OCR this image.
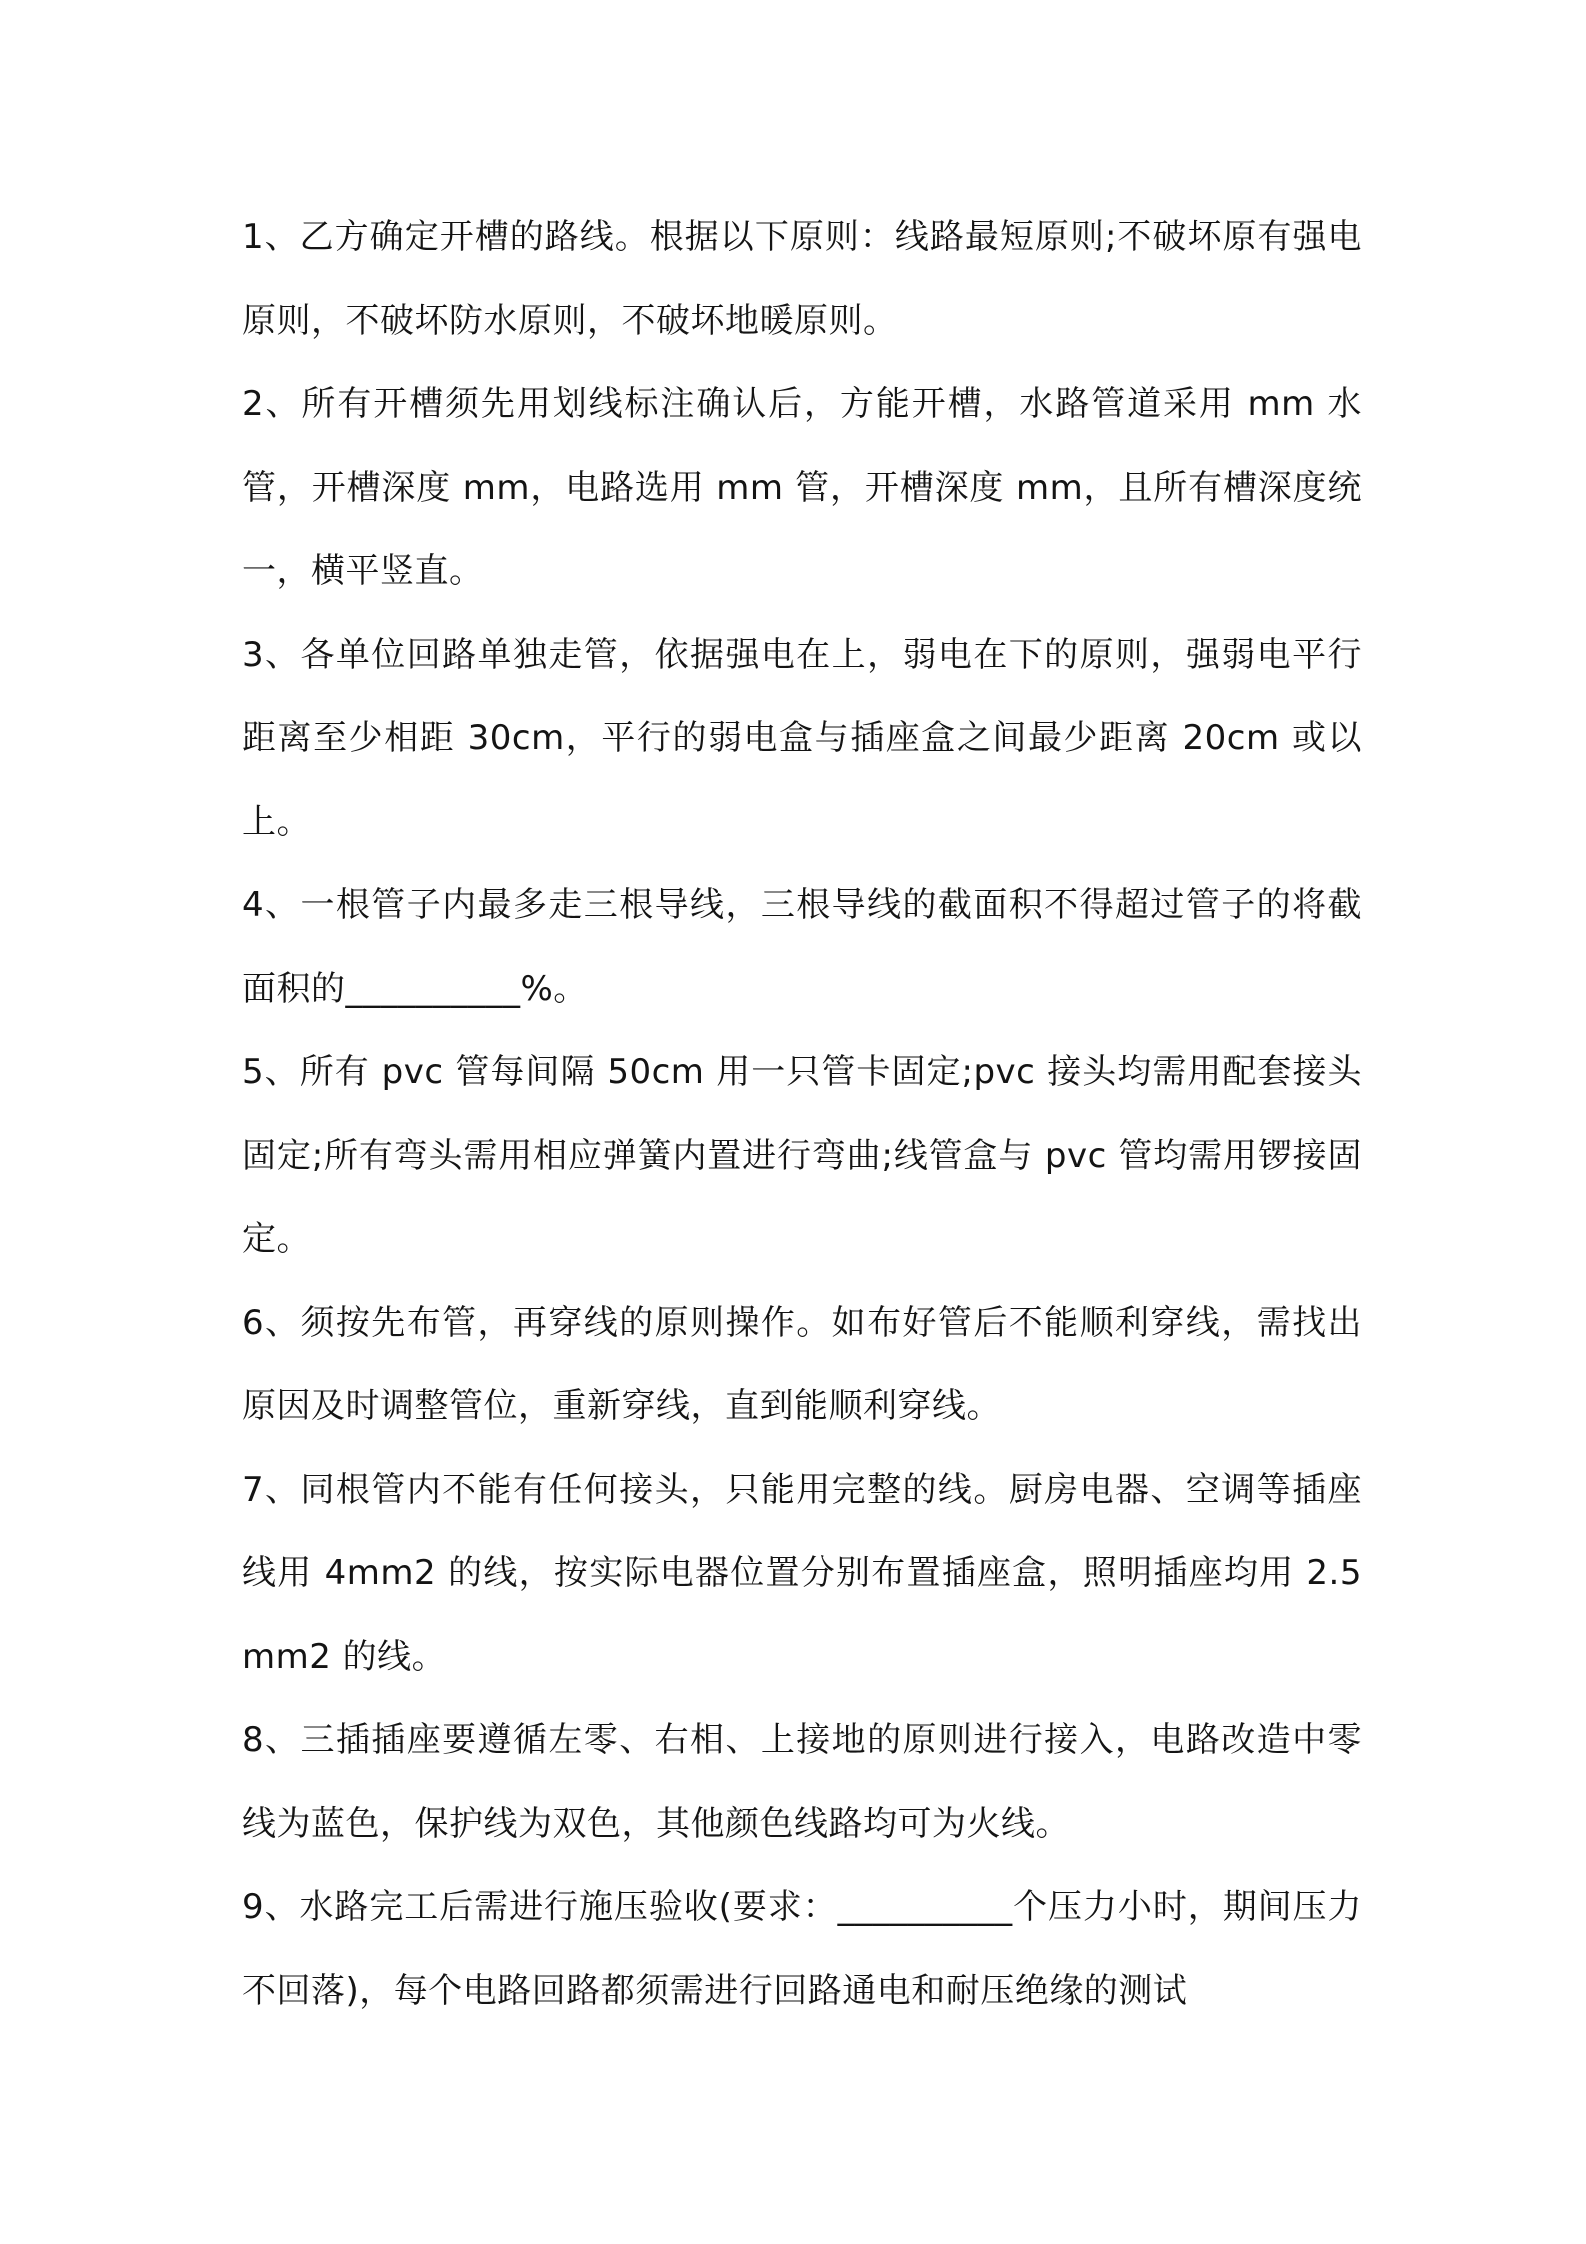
1、乙方确定开槽的路线。根据以下原则：线路最短原则;不破坏原有强电原则，不破坏防水原则，不破坏地暖原则。

2、所有开槽须先用划线标注确认后，方能开槽，水路管道采用 mm 水管，开槽深度 mm，电路选用 mm 管，开槽深度 mm，且所有槽深度统一，横平竖直。

3、各单位回路单独走管，依据强电在上，弱电在下的原则，强弱电平行距离至少相距 30cm，平行的弱电盒与插座盒之间最少距离 20cm 或以上。

4、一根管子内最多走三根导线，三根导线的截面积不得超过管子的将截面积的__________%。

5、所有 pvc 管每间隔 50cm 用一只管卡固定;pvc 接头均需用配套接头固定;所有弯头需用相应弹簧内置进行弯曲;线管盒与 pvc 管均需用锣接固定。

6、须按先布管，再穿线的原则操作。如布好管后不能顺利穿线，需找出原因及时调整管位，重新穿线，直到能顺利穿线。

7、同根管内不能有任何接头，只能用完整的线。厨房电器、空调等插座线用 4mm2 的线，按实际电器位置分别布置插座盒，照明插座均用 2.5mm2 的线。

8、三插插座要遵循左零、右相、上接地的原则进行接入，电路改造中零线为蓝色，保护线为双色，其他颜色线路均可为火线。

9、水路完工后需进行施压验收(要求：__________个压力小时，期间压力不回落)，每个电路回路都须需进行回路通电和耐压绝缘的测试
